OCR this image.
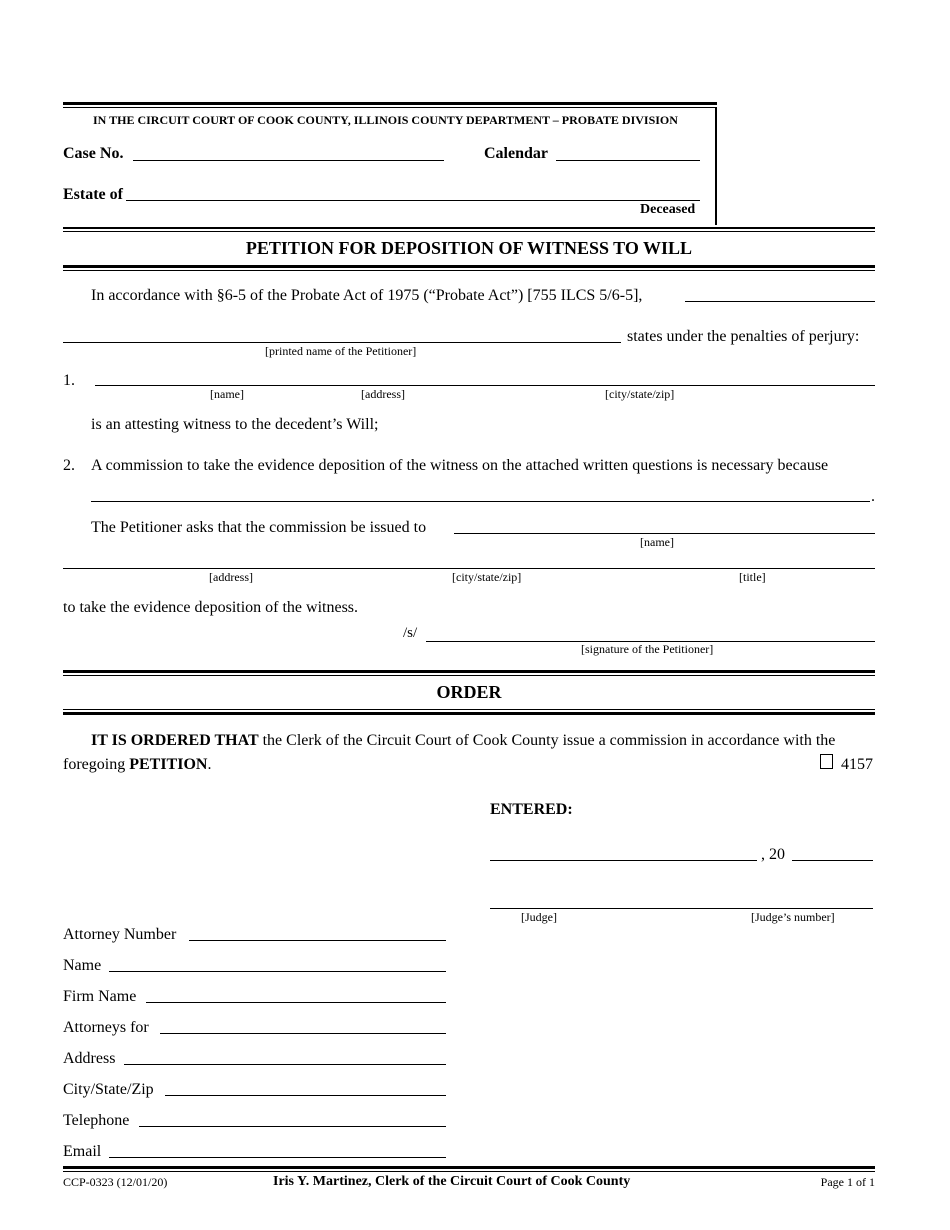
IN THE CIRCUIT COURT OF COOK COUNTY, ILLINOIS COUNTY DEPARTMENT – PROBATE DIVISION
Case No.	Calendar
Estate of
Deceased
PETITION FOR DEPOSITION OF WITNESS TO WILL
In accordance with §6-5 of the Probate Act of 1975 (“Probate Act”) [755 ILCS 5/6-5],
states under the penalties of perjury:
[printed name of the Petitioner]
1.
[name]	[address]	[city/state/zip]
is an attesting witness to the decedent’s Will;
2. A commission to take the evidence deposition of the witness on the attached written questions is necessary because
.
The Petitioner asks that the commission be issued to
[name]
[address]	[city/state/zip]	[title]
to take the evidence deposition of the witness.
/s/
[signature of the Petitioner]
ORDER
IT IS ORDERED THAT the Clerk of the Circuit Court of Cook County issue a commission in accordance with the
foregoing PETITION.	4157
ENTERED:
, 20
[Judge]	[Judge’s number]
Attorney Number
Name
Firm Name
Attorneys for
Address
City/State/Zip
Telephone
Email
CCP-0323 (12/01/20)	Iris Y. Martinez, Clerk of the Circuit Court of Cook County	Page 1 of 1
